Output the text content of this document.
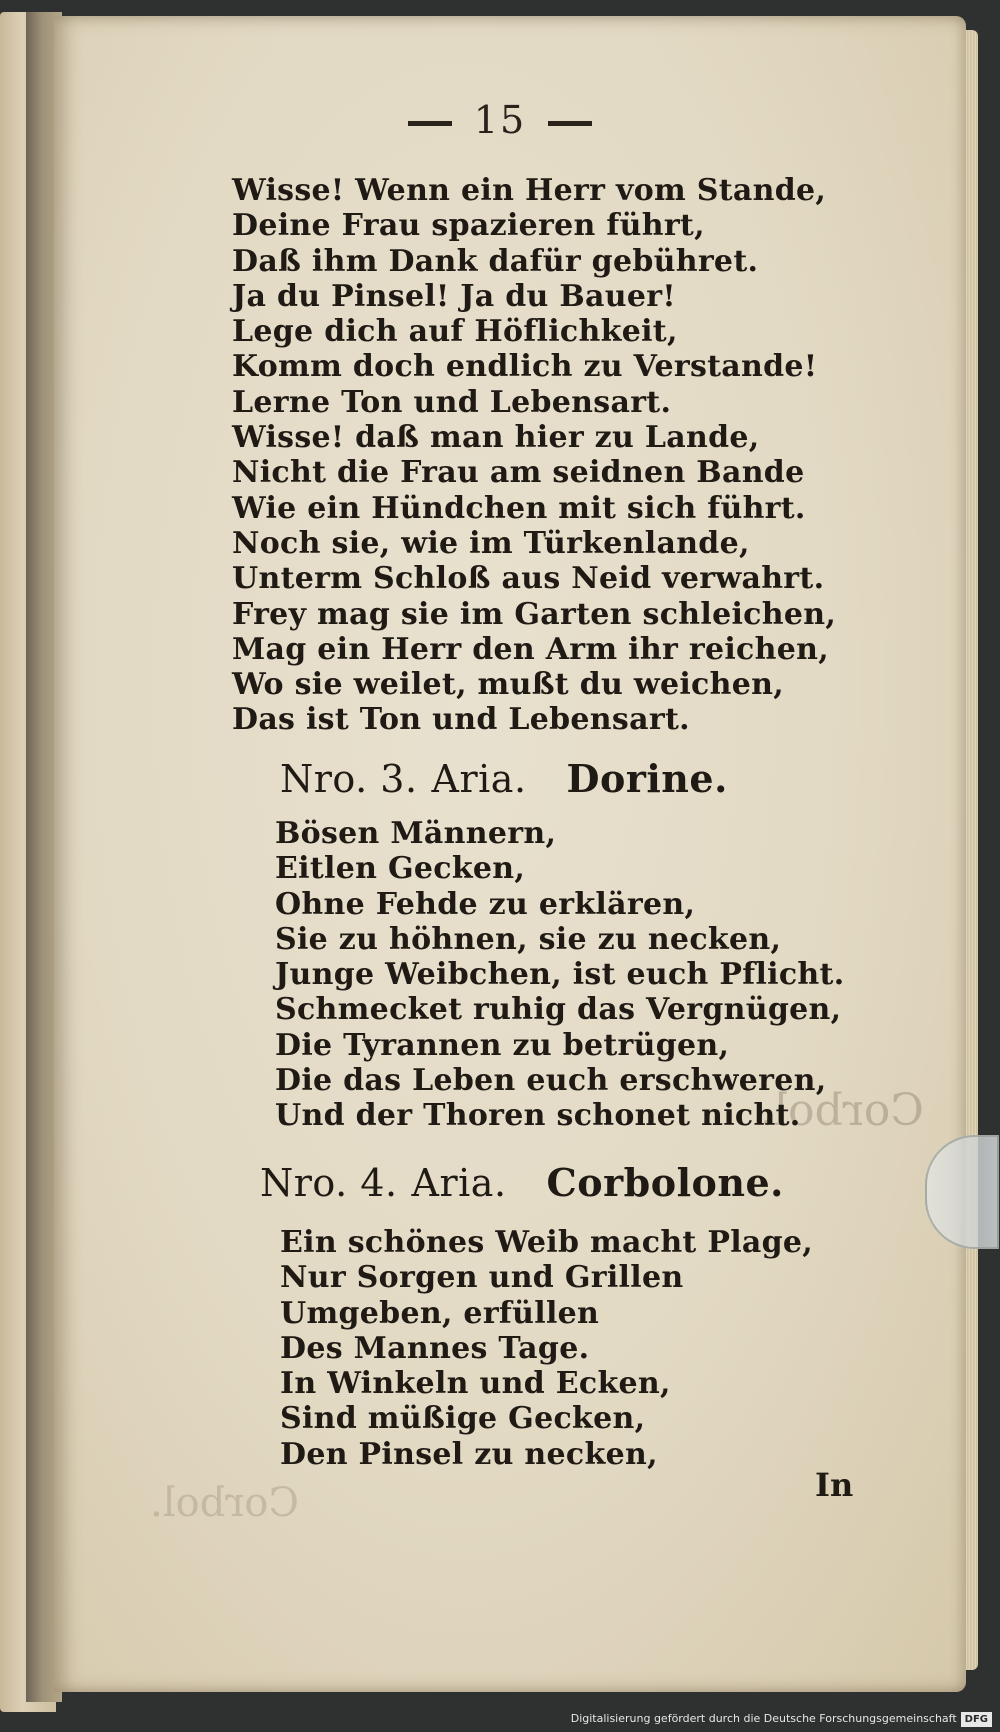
Corbol.
Corbol.
15
Wisse! Wenn ein Herr vom Stande,
Deine Frau spazieren führt,
Daß ihm Dank dafür gebühret.
Ja du Pinsel! Ja du Bauer!
Lege dich auf Höflichkeit,
Komm doch endlich zu Verstande!
Lerne Ton und Lebensart.
Wisse! daß man hier zu Lande,
Nicht die Frau am seidnen Bande
Wie ein Hündchen mit sich führt.
Noch sie, wie im Türkenlande,
Unterm Schloß aus Neid verwahrt.
Frey mag sie im Garten schleichen,
Mag ein Herr den Arm ihr reichen,
Wo sie weilet, mußt du weichen,
Das ist Ton und Lebensart.
Nro. 3. Aria. Dorine.
Bösen Männern,
Eitlen Gecken,
Ohne Fehde zu erklären,
Sie zu höhnen, sie zu necken,
Junge Weibchen, ist euch Pflicht.
Schmecket ruhig das Vergnügen,
Die Tyrannen zu betrügen,
Die das Leben euch erschweren,
Und der Thoren schonet nicht.
Nro. 4. Aria. Corbolone.
Ein schönes Weib macht Plage,
Nur Sorgen und Grillen
Umgeben, erfüllen
Des Mannes Tage.
In Winkeln und Ecken,
Sind müßige Gecken,
Den Pinsel zu necken,
In
Digitalisierung gefördert durch die Deutsche Forschungsgemeinschaft DFG
